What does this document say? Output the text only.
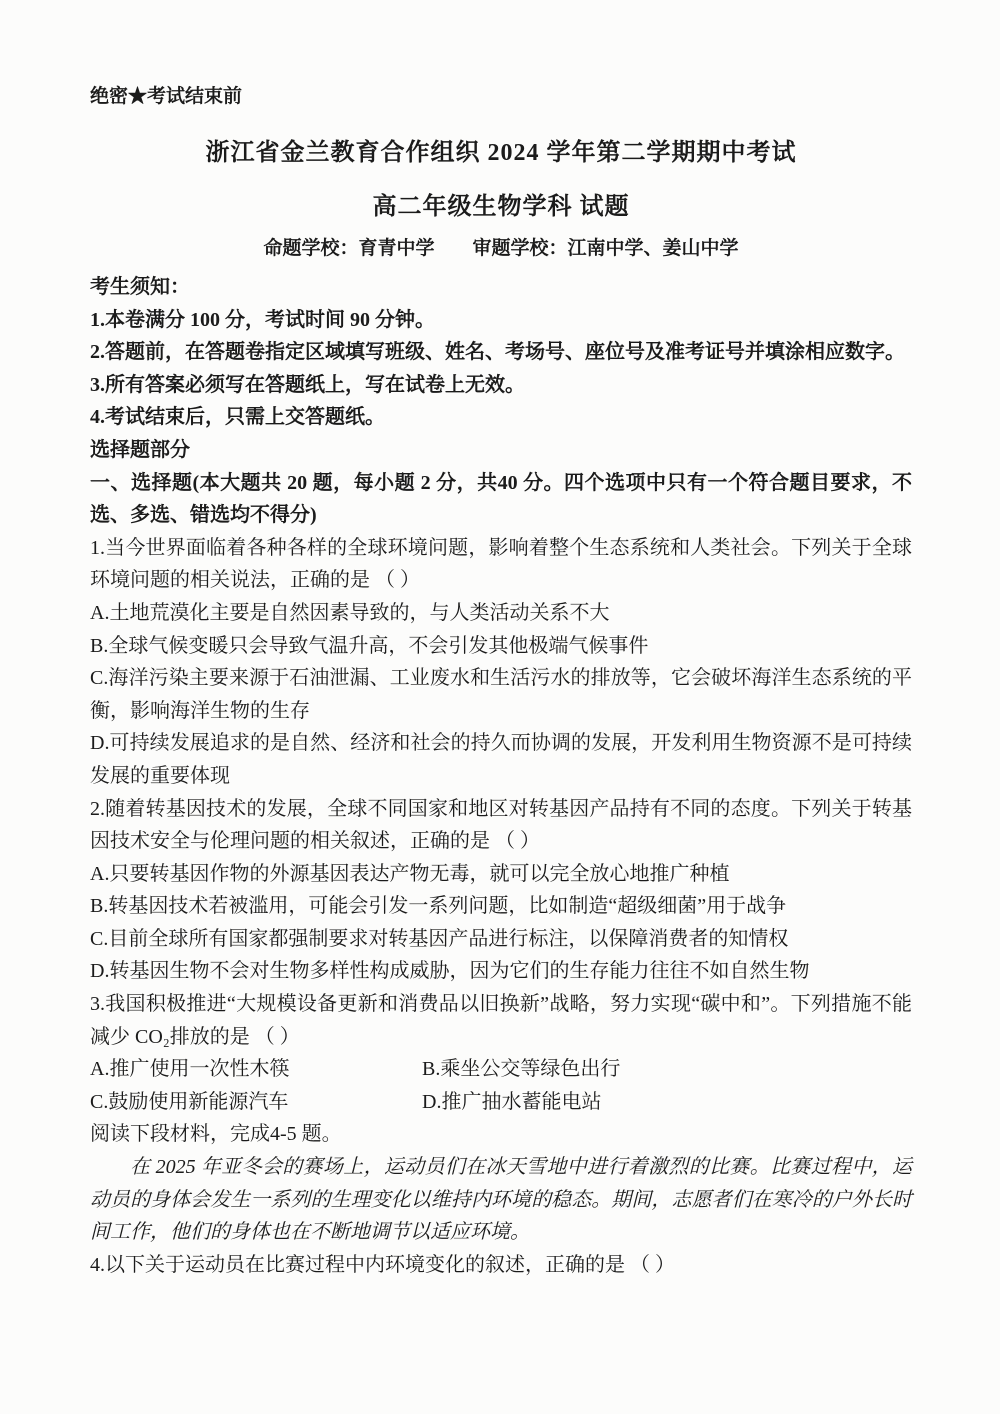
绝密★考试结束前
浙江省金兰教育合作组织 2024 学年第二学期期中考试
高二年级生物学科 试题
命题学校：育青中学 审题学校：江南中学、姜山中学

考生须知：

1.本卷满分 100 分，考试时间 90 分钟。

2.答题前，在答题卷指定区域填写班级、姓名、考场号、座位号及准考证号并填涂相应数字。

3.所有答案必须写在答题纸上，写在试卷上无效。

4.考试结束后，只需上交答题纸。

选择题部分

一、选择题(本大题共 20 题，每小题 2 分，共40 分。四个选项中只有一个符合题目要求，不选、多选、错选均不得分)

1.当今世界面临着各种各样的全球环境问题，影响着整个生态系统和人类社会。下列关于全球环境问题的相关说法，正确的是 （ ）

A.土地荒漠化主要是自然因素导致的，与人类活动关系不大

B.全球气候变暖只会导致气温升高，不会引发其他极端气候事件

C.海洋污染主要来源于石油泄漏、工业废水和生活污水的排放等，它会破坏海洋生态系统的平衡，影响海洋生物的生存

D.可持续发展追求的是自然、经济和社会的持久而协调的发展，开发利用生物资源不是可持续发展的重要体现

2.随着转基因技术的发展，全球不同国家和地区对转基因产品持有不同的态度。下列关于转基因技术安全与伦理问题的相关叙述，正确的是 （ ）

A.只要转基因作物的外源基因表达产物无毒，就可以完全放心地推广种植

B.转基因技术若被滥用，可能会引发一系列问题，比如制造“超级细菌”用于战争

C.目前全球所有国家都强制要求对转基因产品进行标注，以保障消费者的知情权

D.转基因生物不会对生物多样性构成威胁，因为它们的生存能力往往不如自然生物

3.我国积极推进“大规模设备更新和消费品以旧换新”战略，努力实现“碳中和”。下列措施不能减少 CO₂排放的是 （ ）

A.推广使用一次性木筷	B.乘坐公交等绿色出行
C.鼓励使用新能源汽车	D.推广抽水蓄能电站

阅读下段材料，完成4-5 题。

在 2025 年亚冬会的赛场上，运动员们在冰天雪地中进行着激烈的比赛。比赛过程中，运动员的身体会发生一系列的生理变化以维持内环境的稳态。期间，志愿者们在寒冷的户外长时间工作，他们的身体也在不断地调节以适应环境。

4.以下关于运动员在比赛过程中内环境变化的叙述，正确的是 （ ）
